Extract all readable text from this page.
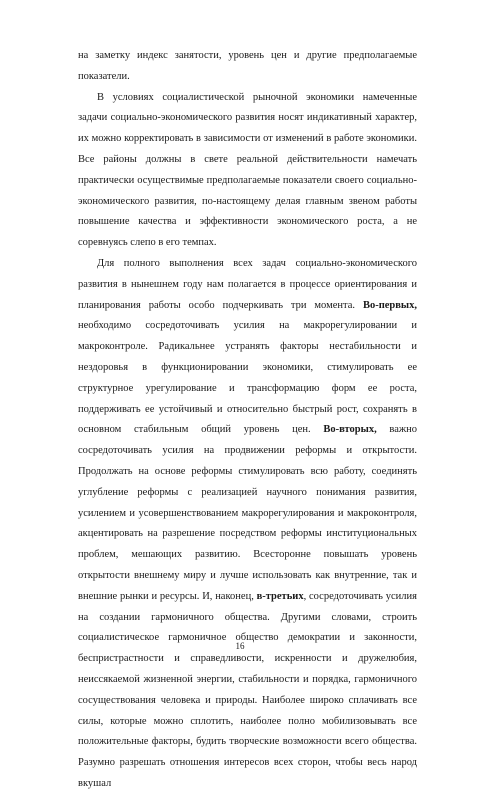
на заметку индекс занятости, уровень цен и другие предполагаемые показатели.
В условиях социалистической рыночной экономики намеченные задачи социально-экономического развития носят индикативный характер, их можно корректировать в зависимости от изменений в работе экономики. Все районы должны в свете реальной действительности намечать практически осуществимые предполагаемые показатели своего социально-экономического развития, по-настоящему делая главным звеном работы повышение качества и эффективности экономического роста, а не соревнуясь слепо в его темпах.

Для полного выполнения всех задач социально-экономического развития в нынешнем году нам полагается в процессе ориентирования и планирования работы особо подчеркивать три момента. Во-первых, необходимо сосредоточивать усилия на макрорегулировании и макроконтроле. Радикальнее устранять факторы нестабильности и нездоровья в функционировании экономики, стимулировать ее структурное урегулирование и трансформацию форм ее роста, поддерживать ее устойчивый и относительно быстрый рост, сохранять в основном стабильным общий уровень цен. Во-вторых, важно сосредоточивать усилия на продвижении реформы и открытости. Продолжать на основе реформы стимулировать всю работу, соединять углубление реформы с реализацией научного понимания развития, усилением и усовершенствованием макрорегулирования и макроконтроля, акцентировать на разрешение посредством реформы институциональных проблем, мешающих развитию. Всесторонне повышать уровень открытости внешнему миру и лучше использовать как внутренние, так и внешние рынки и ресурсы. И, наконец, в-третьих, сосредоточивать усилия на создании гармоничного общества. Другими словами, строить социалистическое гармоничное общество демократии и законности, беспристрастности и справедливости, искренности и дружелюбия, неиссякаемой жизненной энергии, стабильности и порядка, гармоничного сосуществования человека и природы. Наиболее широко сплачивать все силы, которые можно сплотить, наиболее полно мобилизовывать все положительные факторы, будить творческие возможности всего общества. Разумно разрешать отношения интересов всех сторон, чтобы весь народ вкушал

16
